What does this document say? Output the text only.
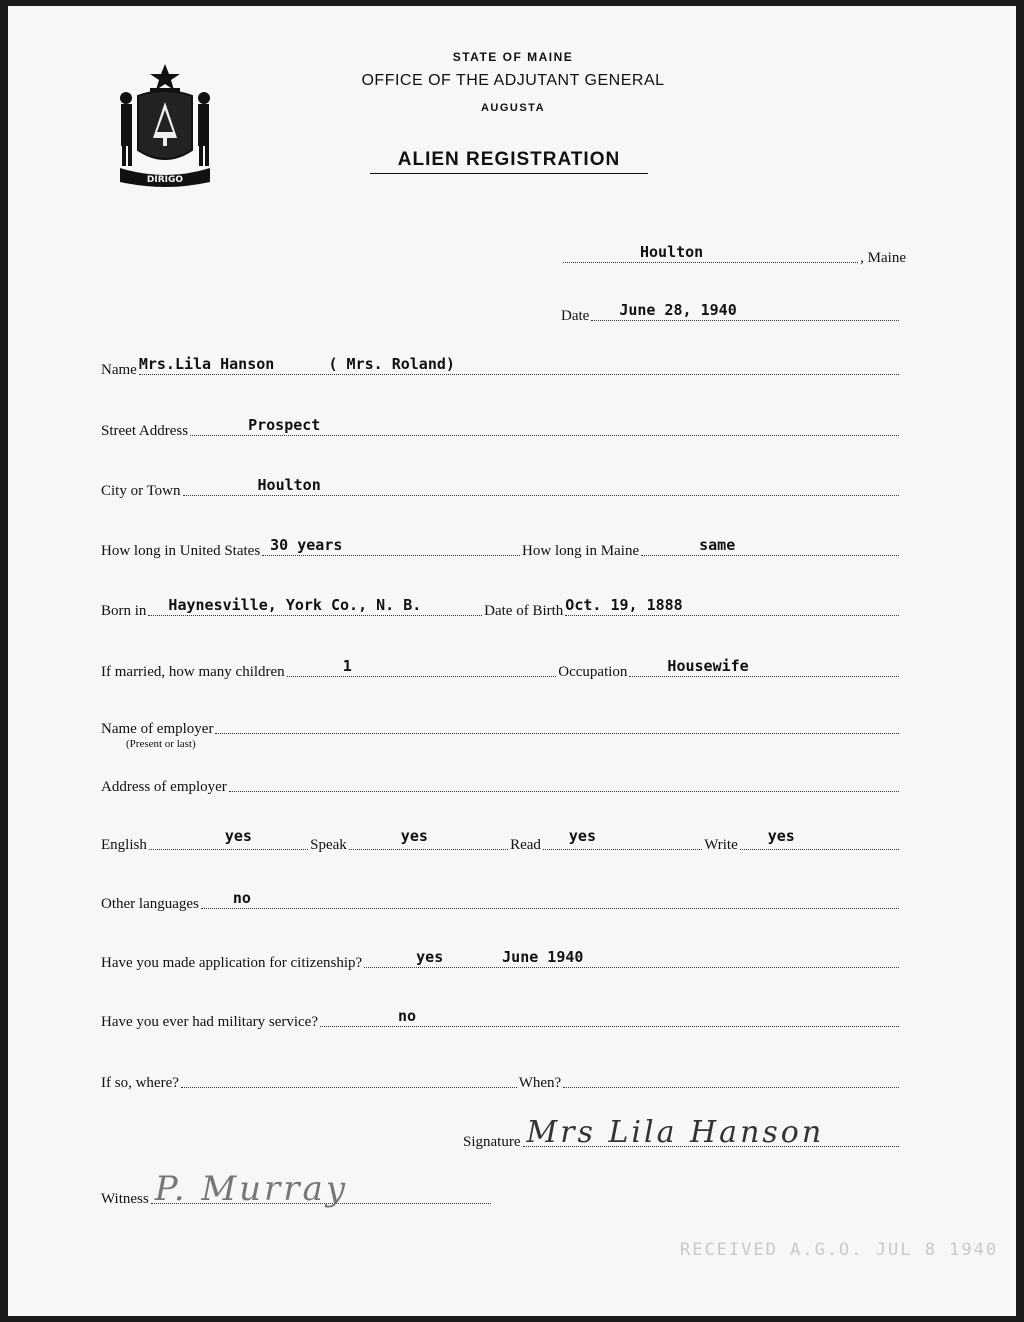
DIRIGO
STATE OF MAINE
OFFICE OF THE ADJUTANT GENERAL
AUGUSTA
ALIEN REGISTRATION
Houlton	, Maine
Date June 28, 1940
Name Mrs.Lila Hanson      ( Mrs. Roland)
Street Address	Prospect
City or Town	Houlton
How long in United States 30 years	How long in Maine	same
Born in Haynesville, York Co., N. B.	Date of Birth Oct. 19, 1888
If married, how many children	1	Occupation	Housewife
Name of employer
(Present or last)
Address of employer
English	yes	Speak	yes	Read yes	Write yes
Other languages no
Have you made application for citizenship?	yes	June 1940
Have you ever had military service?	no
If so, where?	When?
Signature Mrs Lila Hanson
Witness P. Murray
RECEIVED A.G.O. JUL 8 1940
